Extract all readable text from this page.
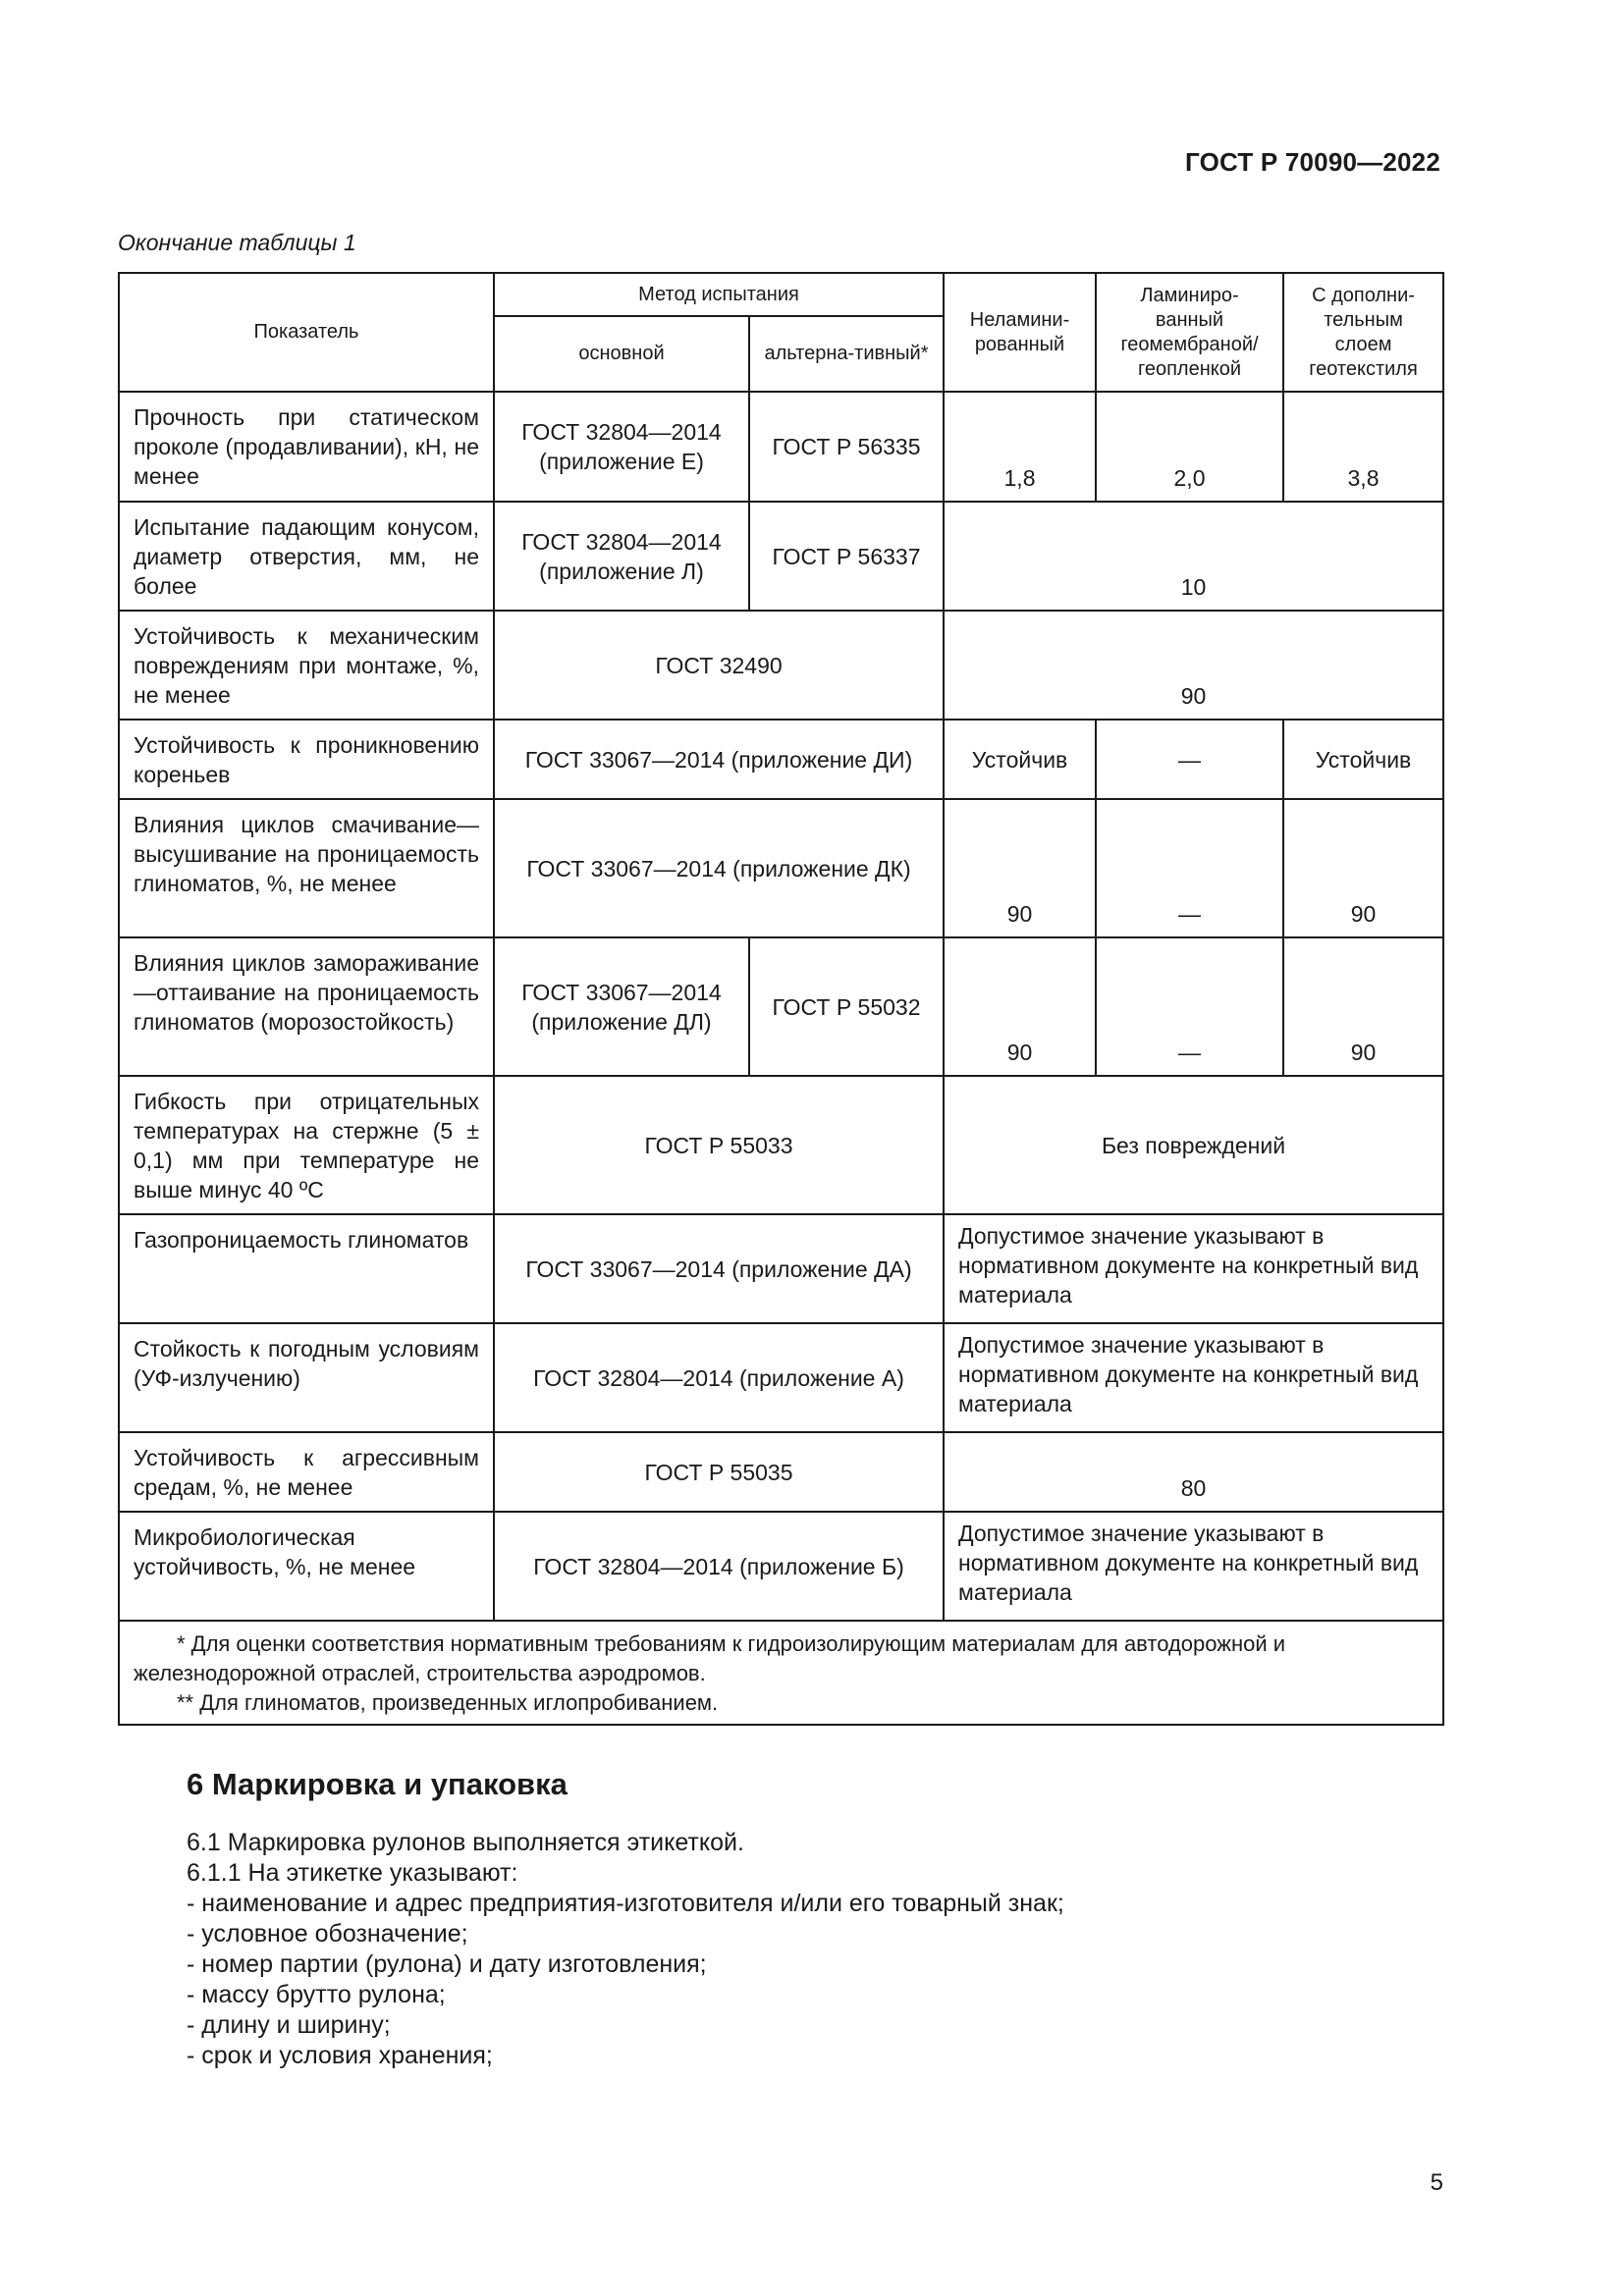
ГОСТ Р 70090—2022
Окончание таблицы 1
Показатель	Метод испытания		Неламини-рованный	Ламиниро-ванный геомембраной/ геопленкой	С дополни-тельным слоем геотекстиля
	основной	альтерна-тивный*			
Прочность при статическом проколе (продавливании), кН, не менее	ГОСТ 32804—2014 (приложение Е)	ГОСТ Р 56335	1,8	2,0	3,8
Испытание падающим конусом, диаметр отверстия, мм, не более	ГОСТ 32804—2014 (приложение Л)	ГОСТ Р 56337	10		
Устойчивость к механическим повреждениям при монтаже, %, не менее	ГОСТ 32490		90		
Устойчивость к проникновению кореньев	ГОСТ 33067—2014 (приложение ДИ)		Устойчив	—	Устойчив
Влияния циклов смачивание—высушивание на проницаемость глиноматов, %, не менее	ГОСТ 33067—2014 (приложение ДК)		90	—	90
Влияния циклов замораживание—оттаивание на проницаемость глиноматов (морозостойкость)	ГОСТ 33067—2014 (приложение ДЛ)	ГОСТ Р 55032	90	—	90
Гибкость при отрицательных температурах на стержне (5 ± 0,1) мм при температуре не выше минус 40 ºС	ГОСТ Р 55033		Без повреждений		
Газопроницаемость глиноматов	ГОСТ 33067—2014 (приложение ДА)		Допустимое значение указывают в нормативном документе на конкретный вид материала		
Стойкость к погодным условиям (УФ-излучению)	ГОСТ 32804—2014 (приложение А)		Допустимое значение указывают в нормативном документе на конкретный вид материала		
Устойчивость к агрессивным средам, %, не менее	ГОСТ Р 55035		80		
Микробиологическая устойчивость, %, не менее	ГОСТ 32804—2014 (приложение Б)		Допустимое значение указывают в нормативном документе на конкретный вид материала		

* Для оценки соответствия нормативным требованиям к гидроизолирующим материалам для автодорожной и железнодорожной отраслей, строительства аэродромов.

** Для глиноматов, произведенных иглопробиванием.					

6 Маркировка и упаковка
6.1 Маркировка рулонов выполняется этикеткой.
6.1.1 На этикетке указывают:
- наименование и адрес предприятия-изготовителя и/или его товарный знак;
- условное обозначение;
- номер партии (рулона) и дату изготовления;
- массу брутто рулона;
- длину и ширину;
- срок и условия хранения;
5
